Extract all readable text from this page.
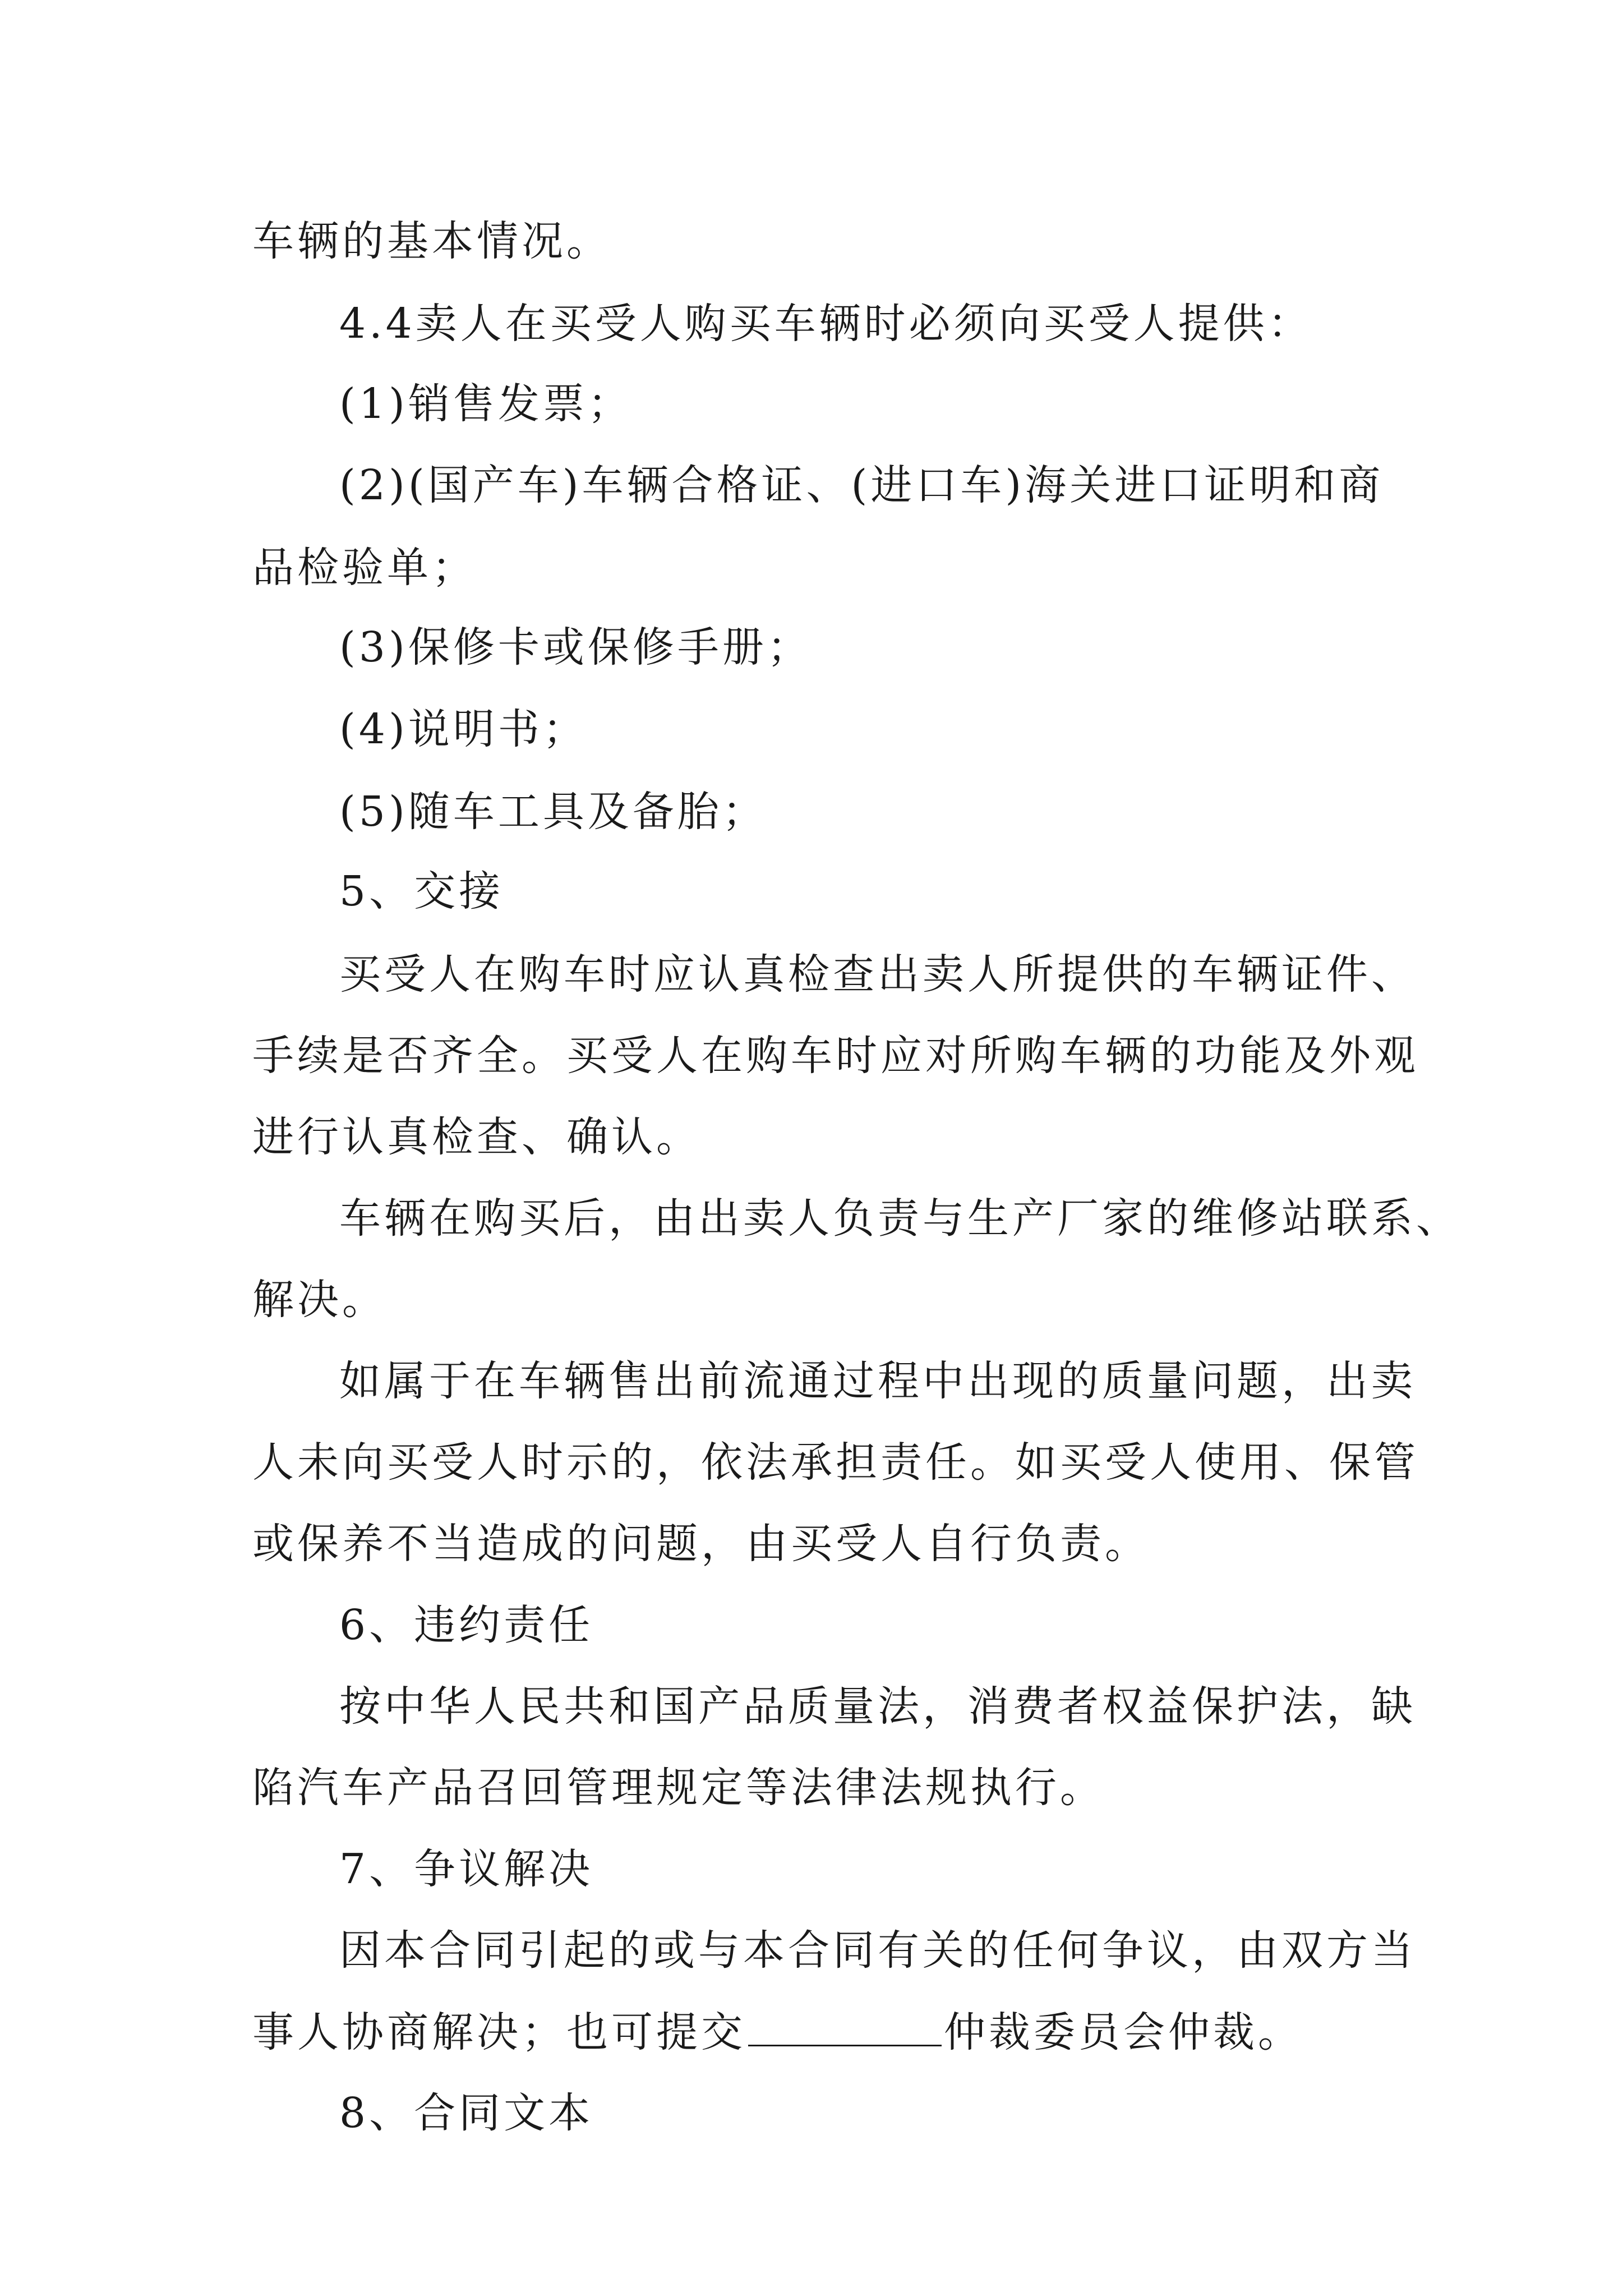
车辆的基本情况。
4.4卖人在买受人购买车辆时必须向买受人提供：
(1)销售发票；
(2)(国产车)车辆合格证、(进口车)海关进口证明和商
品检验单；
(3)保修卡或保修手册；
(4)说明书；
(5)随车工具及备胎；
5、交接
买受人在购车时应认真检查出卖人所提供的车辆证件、
手续是否齐全。买受人在购车时应对所购车辆的功能及外观
进行认真检查、确认。
车辆在购买后，由出卖人负责与生产厂家的维修站联系、
解决。
如属于在车辆售出前流通过程中出现的质量问题，出卖
人未向买受人时示的，依法承担责任。如买受人使用、保管
或保养不当造成的问题，由买受人自行负责。
6、违约责任
按中华人民共和国产品质量法，消费者权益保护法，缺
陷汽车产品召回管理规定等法律法规执行。
7、争议解决
因本合同引起的或与本合同有关的任何争议，由双方当
事人协商解决；也可提交	仲裁委员会仲裁。
8、合同文本
